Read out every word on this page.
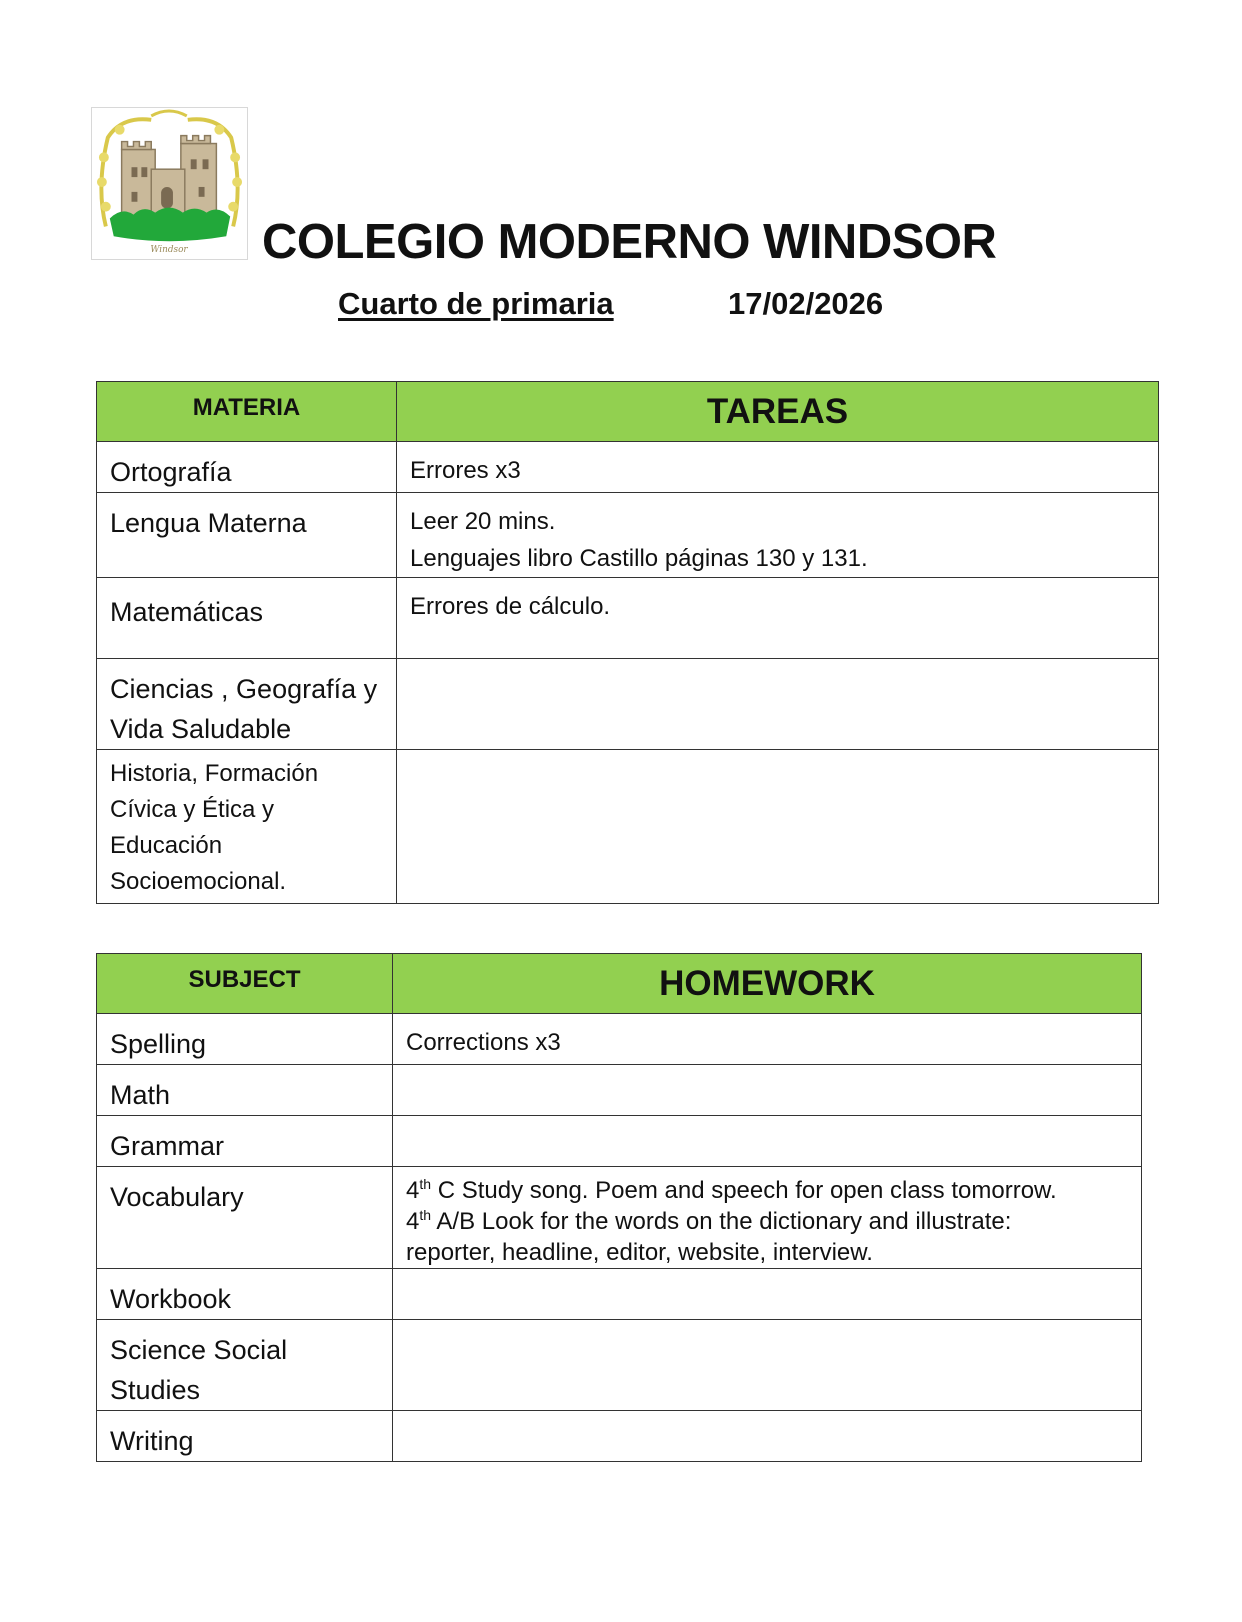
Windsor COLEGIO MODERNO WINDSOR
Cuarto de primaria	17/02/2026
MATERIA	TAREAS
Ortografía	Errores x3

Lengua Materna	Leer 20 mins.
Lenguajes libro Castillo páginas 130 y 131.

Matemáticas	Errores de cálculo.

Ciencias , Geografía y Vida Saludable	
Historia, Formación Cívica y Ética y Educación Socioemocional.	
SUBJECT	HOMEWORK
Spelling	Corrections x3
Math	
Grammar	
Vocabulary	4th C Study song. Poem and speech for open class tomorrow.
4th A/B Look for the words on the dictionary and illustrate:
reporter, headline, editor, website, interview.

Workbook	
Science Social Studies	
Writing	
